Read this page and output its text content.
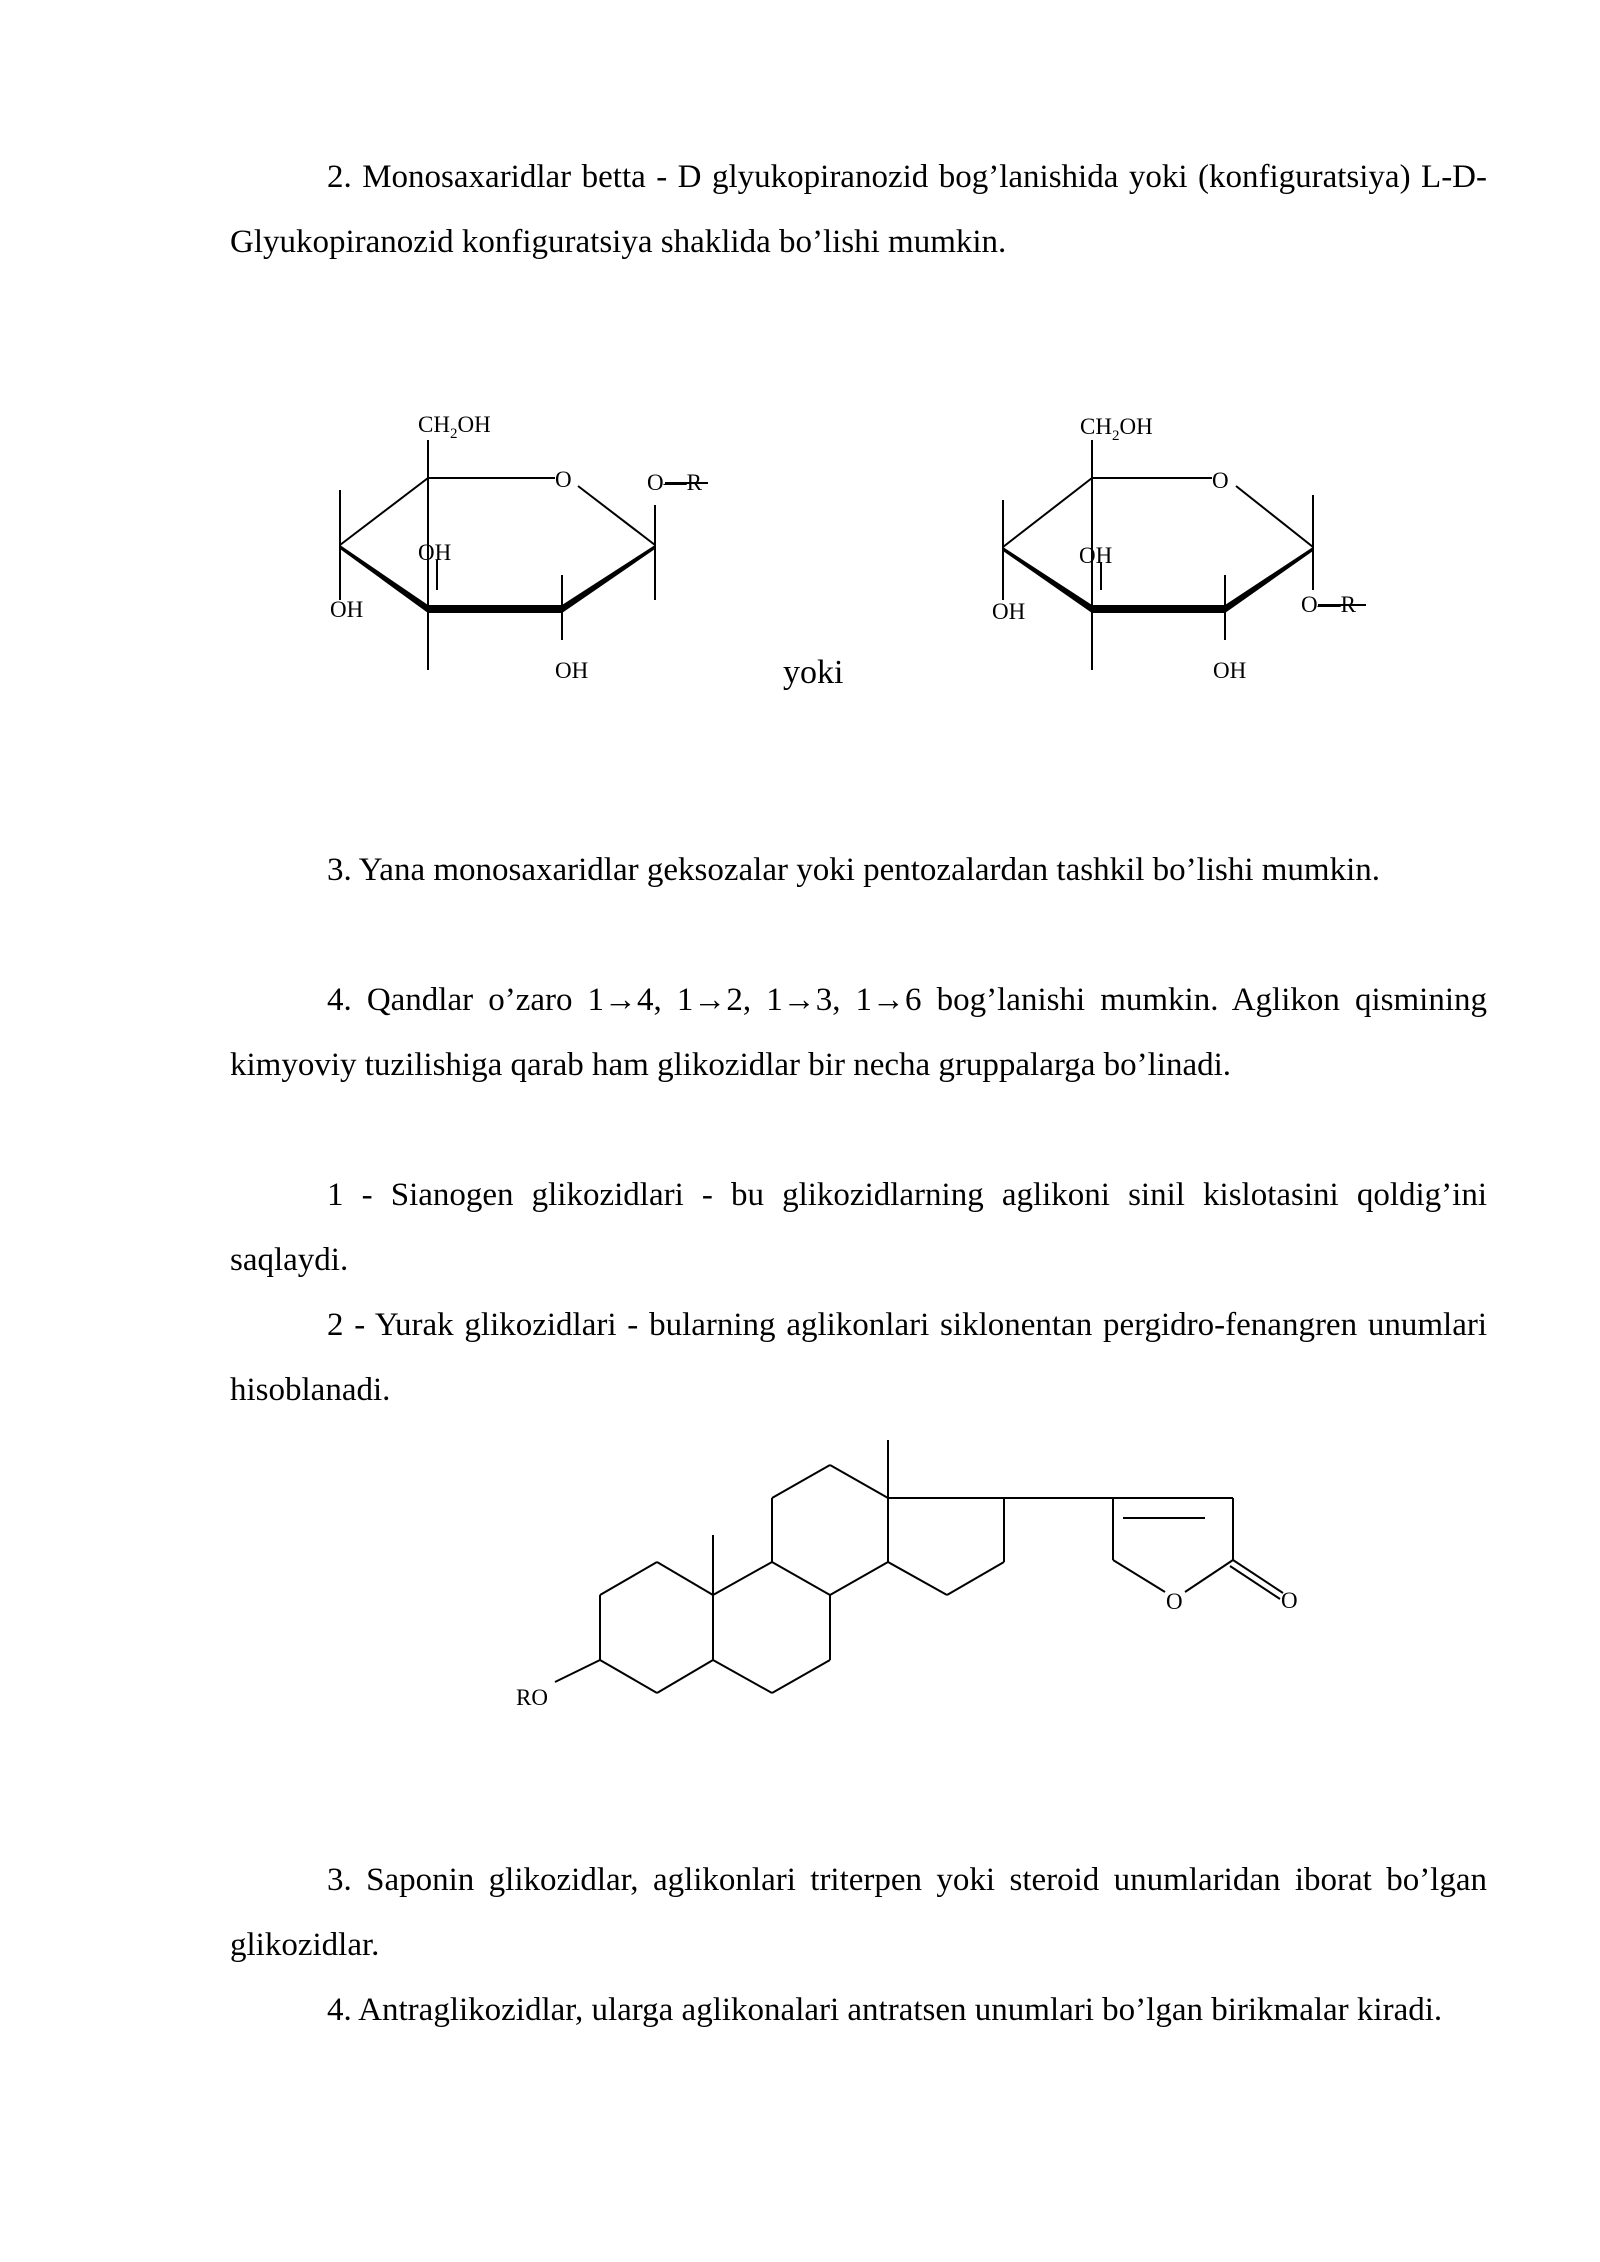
2. Monosaxaridlar betta - D glyukopiranozid bog’lanishida yoki (konfiguratsiya) L-D-Glyukopiranozid konfiguratsiya shaklida bo’lishi mumkin.

$CH_2OH$
O	O—R
OH
OH
OH	yoki
$CH_2OH$
O
OH
OH
OH
O—R

3. Yana monosaxaridlar geksozalar yoki pentozalardan tashkil bo’lishi mumkin.

4. Qandlar o’zaro 1→4, 1→2, 1→3, 1→6 bog’lanishi mumkin. Aglikon qismining kimyoviy tuzilishiga qarab ham glikozidlar bir necha gruppalarga bo’linadi.

1 - Sianogen glikozidlari - bu glikozidlarning aglikoni sinil kislotasini qoldig’ini saqlaydi.

2 - Yurak glikozidlari - bularning aglikonlari siklonentan pergidro-fenangren unumlari hisoblanadi.

RO
O	O

3. Saponin glikozidlar, aglikonlari triterpen yoki steroid unumlaridan iborat bo’lgan glikozidlar.

4. Antraglikozidlar, ularga aglikonalari antratsen unumlari bo’lgan birikmalar kiradi.
